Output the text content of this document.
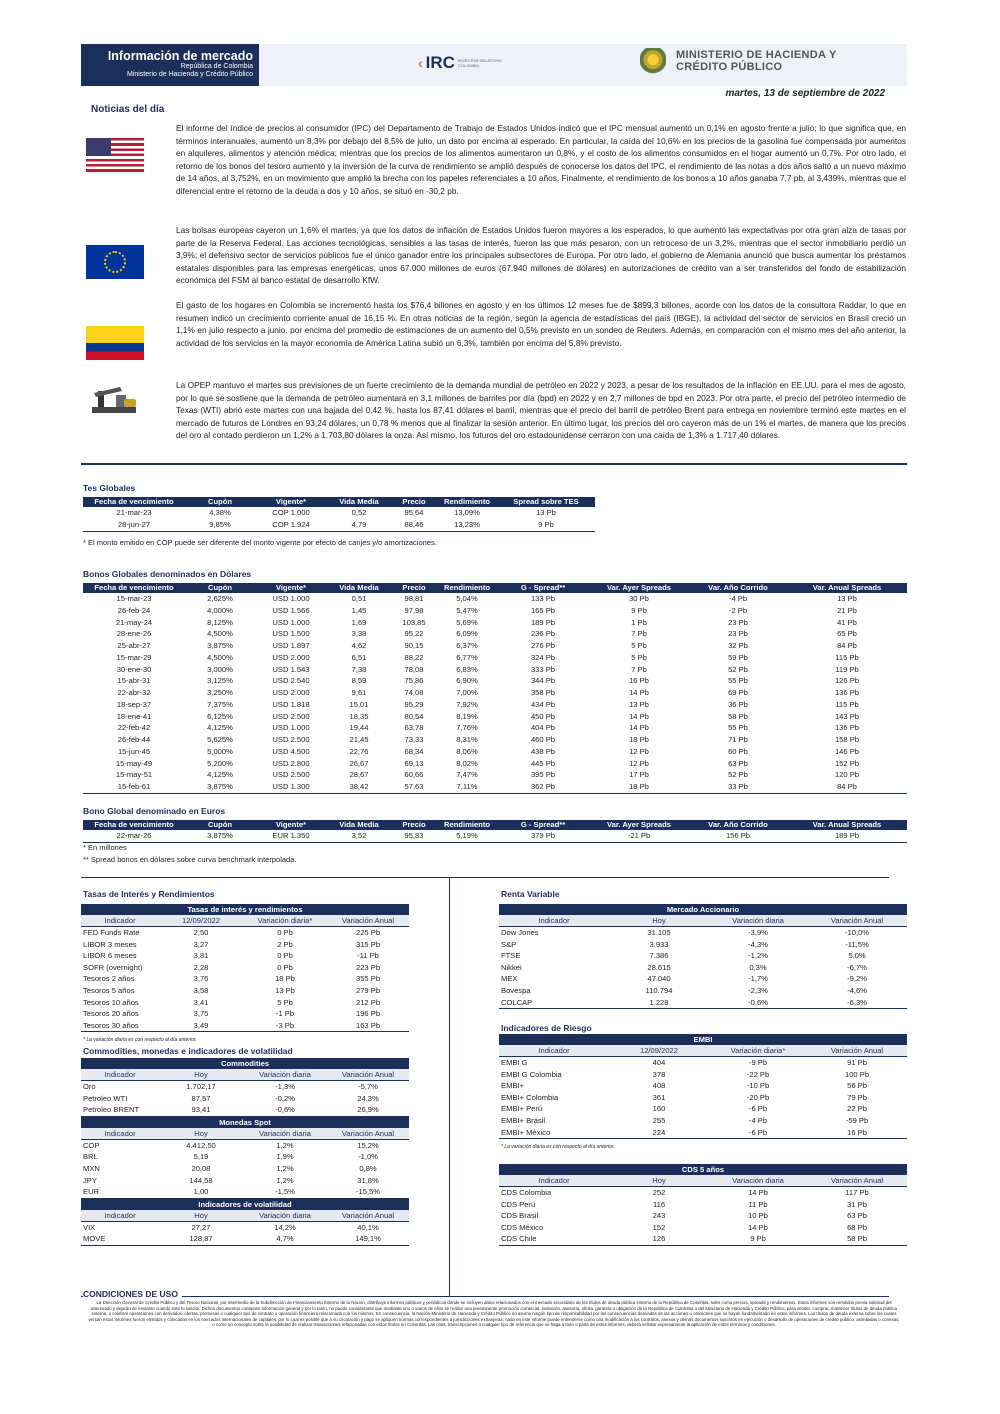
Información de mercado
República de Colombia
Ministerio de Hacienda y Crédito Público
‹ IRC INVESTOR RELATIONS COLOMBIA
MINISTERIO DE HACIENDA Y
CRÉDITO PÚBLICO
martes, 13 de septiembre de 2022
Noticias del día
El informe del índice de precios al consumidor (IPC) del Departamento de Trabajo de Estados Unidos indicó que el IPC mensual aumentó un 0,1% en agosto frente a julio; lo que significa que, en términos interanuales, aumentó un 8,3% por debajo del 8,5% de julio, un dato por encima al esperado. En particular, la caída del 10,6% en los precios de la gasolina fue compensada por aumentos en alquileres, alimentos y atención médica; mientras que los precios de los alimentos aumentaron un 0,8%, y el costo de los alimentos consumidos en el hogar aumentó un 0,7%. Por otro lado, el retorno de los bonos del tesoro aumentó y la inversión de la curva de rendimiento se amplió después de conocerse los datos del IPC, el rendimiento de las notas a dos años saltó a un nuevo máximo de 14 años, al 3,752%, en un movimiento que amplió la brecha con los papeles referenciales a 10 años. Finalmente, el rendimiento de los bonos a 10 años ganaba 7,7 pb, al 3,439%, mientras que el diferencial entre el retorno de la deuda a dos y 10 años, se situó en -30,2 pb.
Las bolsas europeas cayeron un 1,6% el martes, ya que los datos de inflación de Estados Unidos fueron mayores a los esperados, lo que aumentó las expectativas por otra gran alza de tasas por parte de la Reserva Federal. Las acciones tecnológicas, sensibles a las tasas de interés, fueron las que más pesaron, con un retroceso de un 3,2%, mientras que el sector inmobiliario perdió un 3,9%; el defensivo sector de servicios públicos fue el único ganador entre los principales subsectores de Europa. Por otro lado, el gobierno de Alemania anunció que busca aumentar los préstamos estatales disponibles para las empresas energéticas, unos 67.000 millones de euros (67.940 millones de dólares) en autorizaciones de crédito van a ser transferidos del fondo de estabilización económica del FSM al banco estatal de desarrollo KfW.
El gasto de los hogares en Colombia se incrementó hasta los $76,4 billones en agosto y en los últimos 12 meses fue de $899,3 billones, acorde con los datos de la consultora Raddar, lo que en resumen indicó un crecimiento corriente anual de 16,15 %. En otras noticias de la región, según la agencia de estadísticas del país (IBGE), la actividad del sector de servicios en Brasil creció un 1,1% en julio respecto a junio, por encima del promedio de estimaciones de un aumento del 0,5% previsto en un sondeo de Reuters. Además, en comparación con el mismo mes del año anterior, la actividad de los servicios en la mayor economía de América Latina subió un 6,3%, también por encima del 5,8% previsto.
La OPEP mantuvo el martes sus previsiones de un fuerte crecimiento de la demanda mundial de petróleo en 2022 y 2023, a pesar de los resultados de la inflación en EE.UU. para el mes de agosto, por lo que se sostiene que la demanda de petróleo aumentará en 3,1 millones de barriles por día (bpd) en 2022 y en 2,7 millones de bpd en 2023. Por otra parte, el precio del petróleo intermedio de Texas (WTI) abrió este martes con una bajada del 0,42 %, hasta los 87,41 dólares el barril, mientras que el precio del barril de petróleo Brent para entrega en noviembre terminó este martes en el mercado de futuros de Londres en 93,24 dólares, un 0,78 % menos que al finalizar la sesión anterior. En último lugar, los precios del oro cayeron más de un 1% el martes, de manera que los precios del oro al contado perdieron un 1,2% a 1.703,80 dólares la onza. Así mismo, los futuros del oro estadounidense cerraron con una caída de 1,3% a 1.717,40 dólares.
Tes Globales
Fecha de vencimiento	Cupón	Vigente*	Vida Media	Precio	Rendimiento	Spread sobre TES
21-mar-23	4,38%	COP 1.000	0,52	95,64	13,09%	13 Pb
28-jun-27	9,85%	COP 1.924	4,79	88,46	13,23%	9 Pb
* El monto emitido en COP puede ser diferente del monto vigente por efecto de canjes y/o amortizaciones.
Bonos Globales denominados en Dólares
Fecha de vencimiento	Cupón	Vigente*	Vida Media	Precio	Rendimiento	G - Spread**	Var. Ayer Spreads	Var. Año Corrido	Var. Anual Spreads
15-mar-23	2,625%	USD 1.000	0,51	98,81	5,04%	133 Pb	30 Pb	-4 Pb	13 Pb
26-feb-24	4,000%	USD 1.566	1,45	97,98	5,47%	165 Pb	9 Pb	-2 Pb	21 Pb
21-may-24	8,125%	USD 1.000	1,69	103,85	5,69%	189 Pb	1 Pb	23 Pb	41 Pb
28-ene-26	4,500%	USD 1.500	3,38	95,22	6,09%	236 Pb	7 Pb	23 Pb	65 Pb
25-abr-27	3,875%	USD 1.897	4,62	90,15	6,37%	276 Pb	5 Pb	32 Pb	84 Pb
15-mar-29	4,500%	USD 2.000	6,51	88,22	6,77%	324 Pb	5 Pb	59 Pb	115 Pb
30-ene-30	3,000%	USD 1.543	7,38	78,08	6,83%	333 Pb	7 Pb	52 Pb	119 Pb
15-abr-31	3,125%	USD 2.540	8,59	75,86	6,90%	344 Pb	16 Pb	55 Pb	126 Pb
22-abr-32	3,250%	USD 2.000	9,61	74,08	7,00%	358 Pb	14 Pb	69 Pb	136 Pb
18-sep-37	7,375%	USD 1.818	15,01	95,29	7,92%	434 Pb	13 Pb	36 Pb	115 Pb
18-ene-41	6,125%	USD 2.500	18,35	80,54	8,19%	450 Pb	14 Pb	58 Pb	143 Pb
22-feb-42	4,125%	USD 1.000	19,44	63,78	7,76%	404 Pb	14 Pb	55 Pb	136 Pb
26-feb-44	5,625%	USD 2.500	21,45	73,33	8,31%	460 Pb	18 Pb	71 Pb	158 Pb
15-jun-45	5,000%	USD 4.500	22,76	68,34	8,06%	438 Pb	12 Pb	60 Pb	146 Pb
15-may-49	5,200%	USD 2.800	26,67	69,13	8,02%	445 Pb	12 Pb	63 Pb	152 Pb
15-may-51	4,125%	USD 2.500	28,67	60,66	7,47%	395 Pb	17 Pb	52 Pb	120 Pb
15-feb-61	3,875%	USD 1.300	38,42	57,63	7,11%	362 Pb	18 Pb	33 Pb	84 Pb
Bono Global denominado en Euros
Fecha de vencimiento	Cupón	Vigente*	Vida Media	Precio	Rendimiento	G - Spread**	Var. Ayer Spreads	Var. Año Corrido	Var. Anual Spreads
22-mar-26	3,875%	EUR 1.350	3,52	95,83	5,19%	379 Pb	-21 Pb	156 Pb	189 Pb
* En millones
** Spread bonos en dólares sobre curva benchmark interpolada.
Tasas de Interés y Rendimientos
Tasas de interés y rendimientos			
Indicador	12/09/2022	Variación diaria*	Variación Anual
FED Funds Rate	2,50	0 Pb	225 Pb
LIBOR 3 meses	3,27	2 Pb	315 Pb
LIBOR 6 meses	3,81	0 Pb	-11 Pb
SOFR (overnight)	2,28	0 Pb	223 Pb
Tesoros 2 años	3,76	18 Pb	355 Pb
Tesoros 5 años	3,58	13 Pb	279 Pb
Tesoros 10 años	3,41	5 Pb	212 Pb
Tesoros 20 años	3,75	-1 Pb	196 Pb
Tesoros 30 años	3,49	-3 Pb	163 Pb
* La variación diaria es con respecto al día anterior.
Commodities, monedas e indicadores de volatilidad
Commodities			
Indicador	Hoy	Variación diaria	Variación Anual
Oro	1.702,17	-1,3%	-5,7%
Petroleo WTI	87,57	-0,2%	24,3%
Petroleo BRENT	93,41	-0,6%	26,9%
Monedas Spot			
Indicador	Hoy	Variación diaria	Variación Anual
COP	4.412,50	1,2%	15,2%
BRL	5,19	1,9%	-1,0%
MXN	20,08	1,2%	0,8%
JPY	144,58	1,2%	31,8%
EUR	1,00	-1,5%	-15,5%
Indicadores de volatilidad			
Indicador	Hoy	Variación diaria	Variación Anual
VIX	27,27	14,2%	40,1%
MOVE	128,87	4,7%	149,1%
Renta Variable
Mercado Accionario			
Indicador	Hoy	Variación diaria	Variación Anual
Dow Jones	31.105	-3,9%	-10,0%
S&P	3.933	-4,3%	-11,5%
FTSE	7.386	-1,2%	5,0%
Nikkei	28.615	0,3%	-6,7%
MEX	47.040	-1,7%	-9,2%
Bovespa	110.794	-2,3%	-4,6%
COLCAP	1.228	-0,6%	-6,3%
Indicadores de Riesgo
EMBI			
Indicador	12/09/2022	Variación diaria*	Variación Anual
EMBI G	404	-9 Pb	91 Pb
EMBI G Colombia	378	-22 Pb	100 Pb
EMBI+	408	-10 Pb	56 Pb
EMBI+ Colombia	361	-20 Pb	79 Pb
EMBI+ Perú	160	-6 Pb	22 Pb
EMBI+ Brasil	255	-4 Pb	-59 Pb
EMBI+ México	224	-6 Pb	16 Pb
* La variación diaria es con respecto al día anterior.
CDS 5 años			
Indicador	Hoy	Variación diaria	Variación Anual
CDS Colombia	252	14 Pb	117 Pb
CDS Perú	116	11 Pb	31 Pb
CDS Brasil	243	10 Pb	63 Pb
CDS México	152	14 Pb	68 Pb
CDS Chile	126	9 Pb	58 Pb
CONDICIONES DE USO
La Dirección General de Crédito Público y del Tesoro Nacional, por intermedio de la Subdirección de Financiamiento Externo de la Nación, distribuye informes públicos y periódicos donde se incluyen datos relacionados con el mercado secundario de los títulos de deuda pública externa de la República de Colombia, tales como precios, spreads y rendimientos. Estos informes son remitidos previa solicitud del interesado y dejarán de enviarse cuando éste lo solicite. Dichos documentos contienen información general y por lo tanto, no puede considerarse que mediante uno o varios de ellos se realice una preeminente promoción comercial, invitación, asesoría, oferta, garantía u obligación de la República de Colombia o del Ministerio de Hacienda y Crédito Público, para vender, comprar, mantener títulos de deuda pública externa, o celebrar operaciones con derivados, ofertas, promesas o cualquier tipo de contrato u operación financiera relacionada con los mismos. En consecuencia, la Nación-Ministerio de Hacienda y Crédito Público no asume ningún tipo de responsabilidad por las consecuencias derivadas de las acciones u omisiones que se hayan fundamentado en estos informes. Los títulos de deuda externa sobre los cuales versan estos informes fueron emitidos y colocados en los mercados internacionales de capitales, por lo cual es posible que a su circulación y pago se apliquen normas correspondientes a jurisdicciones extranjeras; nada en este informe puede entenderse como una modificación a los contratos, anexos y demás documentos suscritos en ejecución o desarrollo de operaciones de crédito público, asimiladas o conexas, o como un concepto sobre la posibilidad de realizar transacciones relacionadas con estos títulos en Colombia. Las citas, transcripciones o cualquier tipo de referencia que se haga a todo o parte de estos informes, deberá señalar expresamente la aplicación de estos términos y condiciones.
